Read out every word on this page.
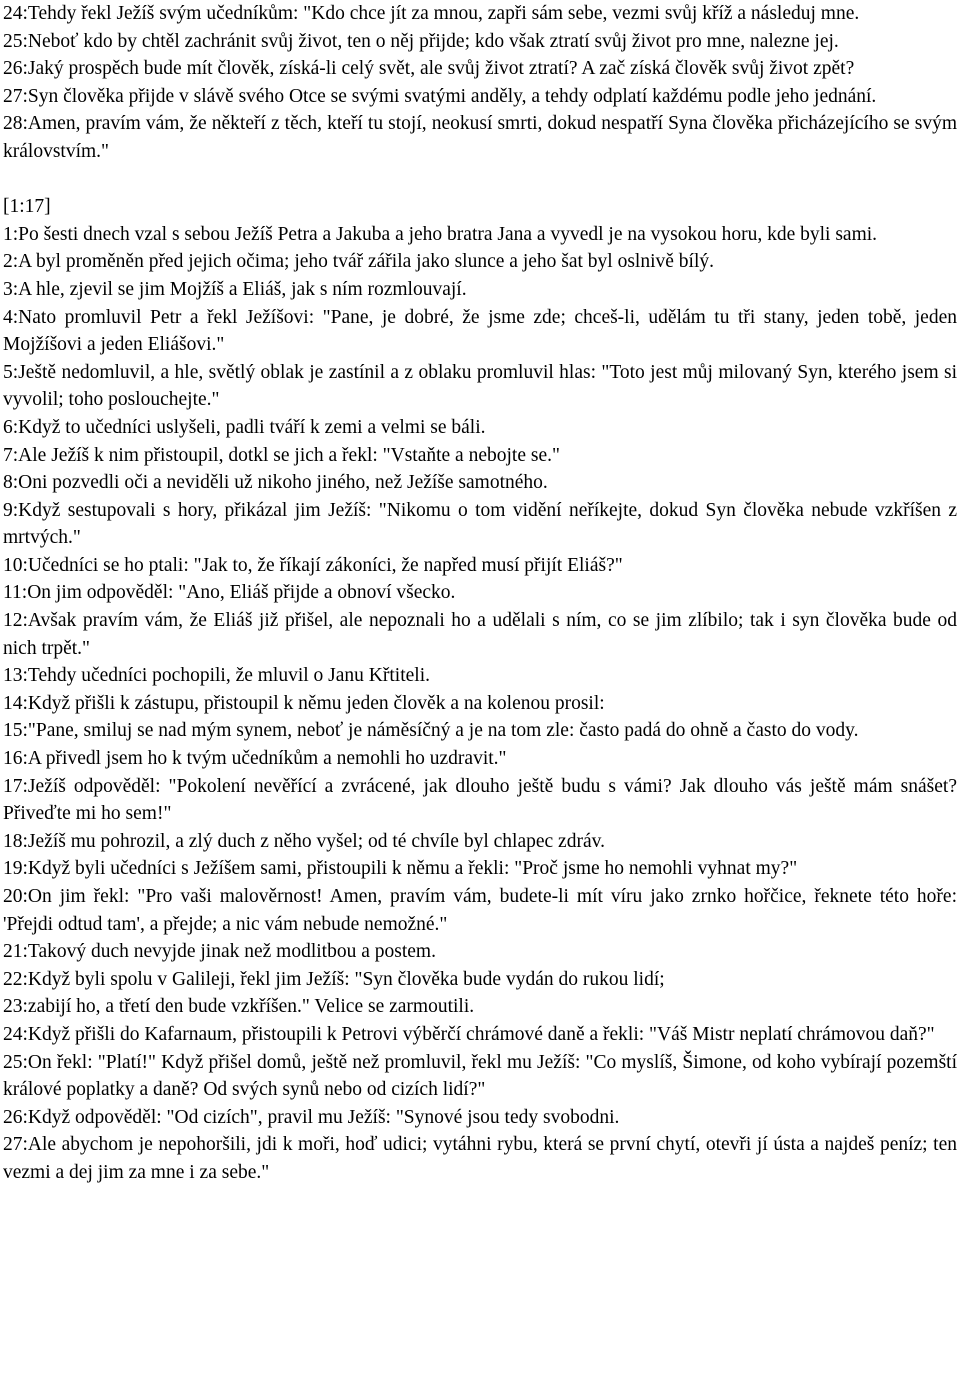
24:Tehdy řekl Ježíš svým učedníkům: "Kdo chce jít za mnou, zapři sám sebe, vezmi svůj kříž a následuj mne.

25:Neboť kdo by chtěl zachránit svůj život, ten o něj přijde; kdo však ztratí svůj život pro mne, nalezne jej.

26:Jaký prospěch bude mít člověk, získá-li celý svět, ale svůj život ztratí? A zač získá člověk svůj život zpět?

27:Syn člověka přijde v slávě svého Otce se svými svatými anděly, a tehdy odplatí každému podle jeho jednání.

28:Amen, pravím vám, že někteří z těch, kteří tu stojí, neokusí smrti, dokud nespatří Syna člověka přicházejícího se svým královstvím."

[1:17]

1:Po šesti dnech vzal s sebou Ježíš Petra a Jakuba a jeho bratra Jana a vyvedl je na vysokou horu, kde byli sami.

2:A byl proměněn před jejich očima; jeho tvář zářila jako slunce a jeho šat byl oslnivě bílý.

3:A hle, zjevil se jim Mojžíš a Eliáš, jak s ním rozmlouvají.

4:Nato promluvil Petr a řekl Ježíšovi: "Pane, je dobré, že jsme zde; chceš-li, udělám tu tři stany, jeden tobě, jeden Mojžíšovi a jeden Eliášovi."

5:Ještě nedomluvil, a hle, světlý oblak je zastínil a z oblaku promluvil hlas: "Toto jest můj milovaný Syn, kterého jsem si vyvolil; toho poslouchejte."

6:Když to učedníci uslyšeli, padli tváří k zemi a velmi se báli.

7:Ale Ježíš k nim přistoupil, dotkl se jich a řekl: "Vstaňte a nebojte se."

8:Oni pozvedli oči a neviděli už nikoho jiného, než Ježíše samotného.

9:Když sestupovali s hory, přikázal jim Ježíš: "Nikomu o tom vidění neříkejte, dokud Syn člověka nebude vzkříšen z mrtvých."

10:Učedníci se ho ptali: "Jak to, že říkají zákoníci, že napřed musí přijít Eliáš?"

11:On jim odpověděl: "Ano, Eliáš přijde a obnoví všecko.

12:Avšak pravím vám, že Eliáš již přišel, ale nepoznali ho a udělali s ním, co se jim zlíbilo; tak i syn člověka bude od nich trpět."

13:Tehdy učedníci pochopili, že mluvil o Janu Křtiteli.

14:Když přišli k zástupu, přistoupil k němu jeden člověk a na kolenou prosil:

15:"Pane, smiluj se nad mým synem, neboť je náměsíčný a je na tom zle: často padá do ohně a často do vody.

16:A přivedl jsem ho k tvým učedníkům a nemohli ho uzdravit."

17:Ježíš odpověděl: "Pokolení nevěřící a zvrácené, jak dlouho ještě budu s vámi? Jak dlouho vás ještě mám snášet? Přiveďte mi ho sem!"

18:Ježíš mu pohrozil, a zlý duch z něho vyšel; od té chvíle byl chlapec zdráv.

19:Když byli učedníci s Ježíšem sami, přistoupili k němu a řekli: "Proč jsme ho nemohli vyhnat my?"

20:On jim řekl: "Pro vaši malověrnost! Amen, pravím vám, budete-li mít víru jako zrnko hořčice, řeknete této hoře: 'Přejdi odtud tam', a přejde; a nic vám nebude nemožné."

21:Takový duch nevyjde jinak než modlitbou a postem.

22:Když byli spolu v Galileji, řekl jim Ježíš: "Syn člověka bude vydán do rukou lidí;

23:zabijí ho, a třetí den bude vzkříšen." Velice se zarmoutili.

24:Když přišli do Kafarnaum, přistoupili k Petrovi výběrčí chrámové daně a řekli: "Váš Mistr neplatí chrámovou daň?"

25:On řekl: "Platí!" Když přišel domů, ještě než promluvil, řekl mu Ježíš: "Co myslíš, Šimone, od koho vybírají pozemští králové poplatky a daně? Od svých synů nebo od cizích lidí?"

26:Když odpověděl: "Od cizích", pravil mu Ježíš: "Synové jsou tedy svobodni.

27:Ale abychom je nepohoršili, jdi k moři, hoď udici; vytáhni rybu, která se první chytí, otevři jí ústa a najdeš peníz; ten vezmi a dej jim za mne i za sebe."
